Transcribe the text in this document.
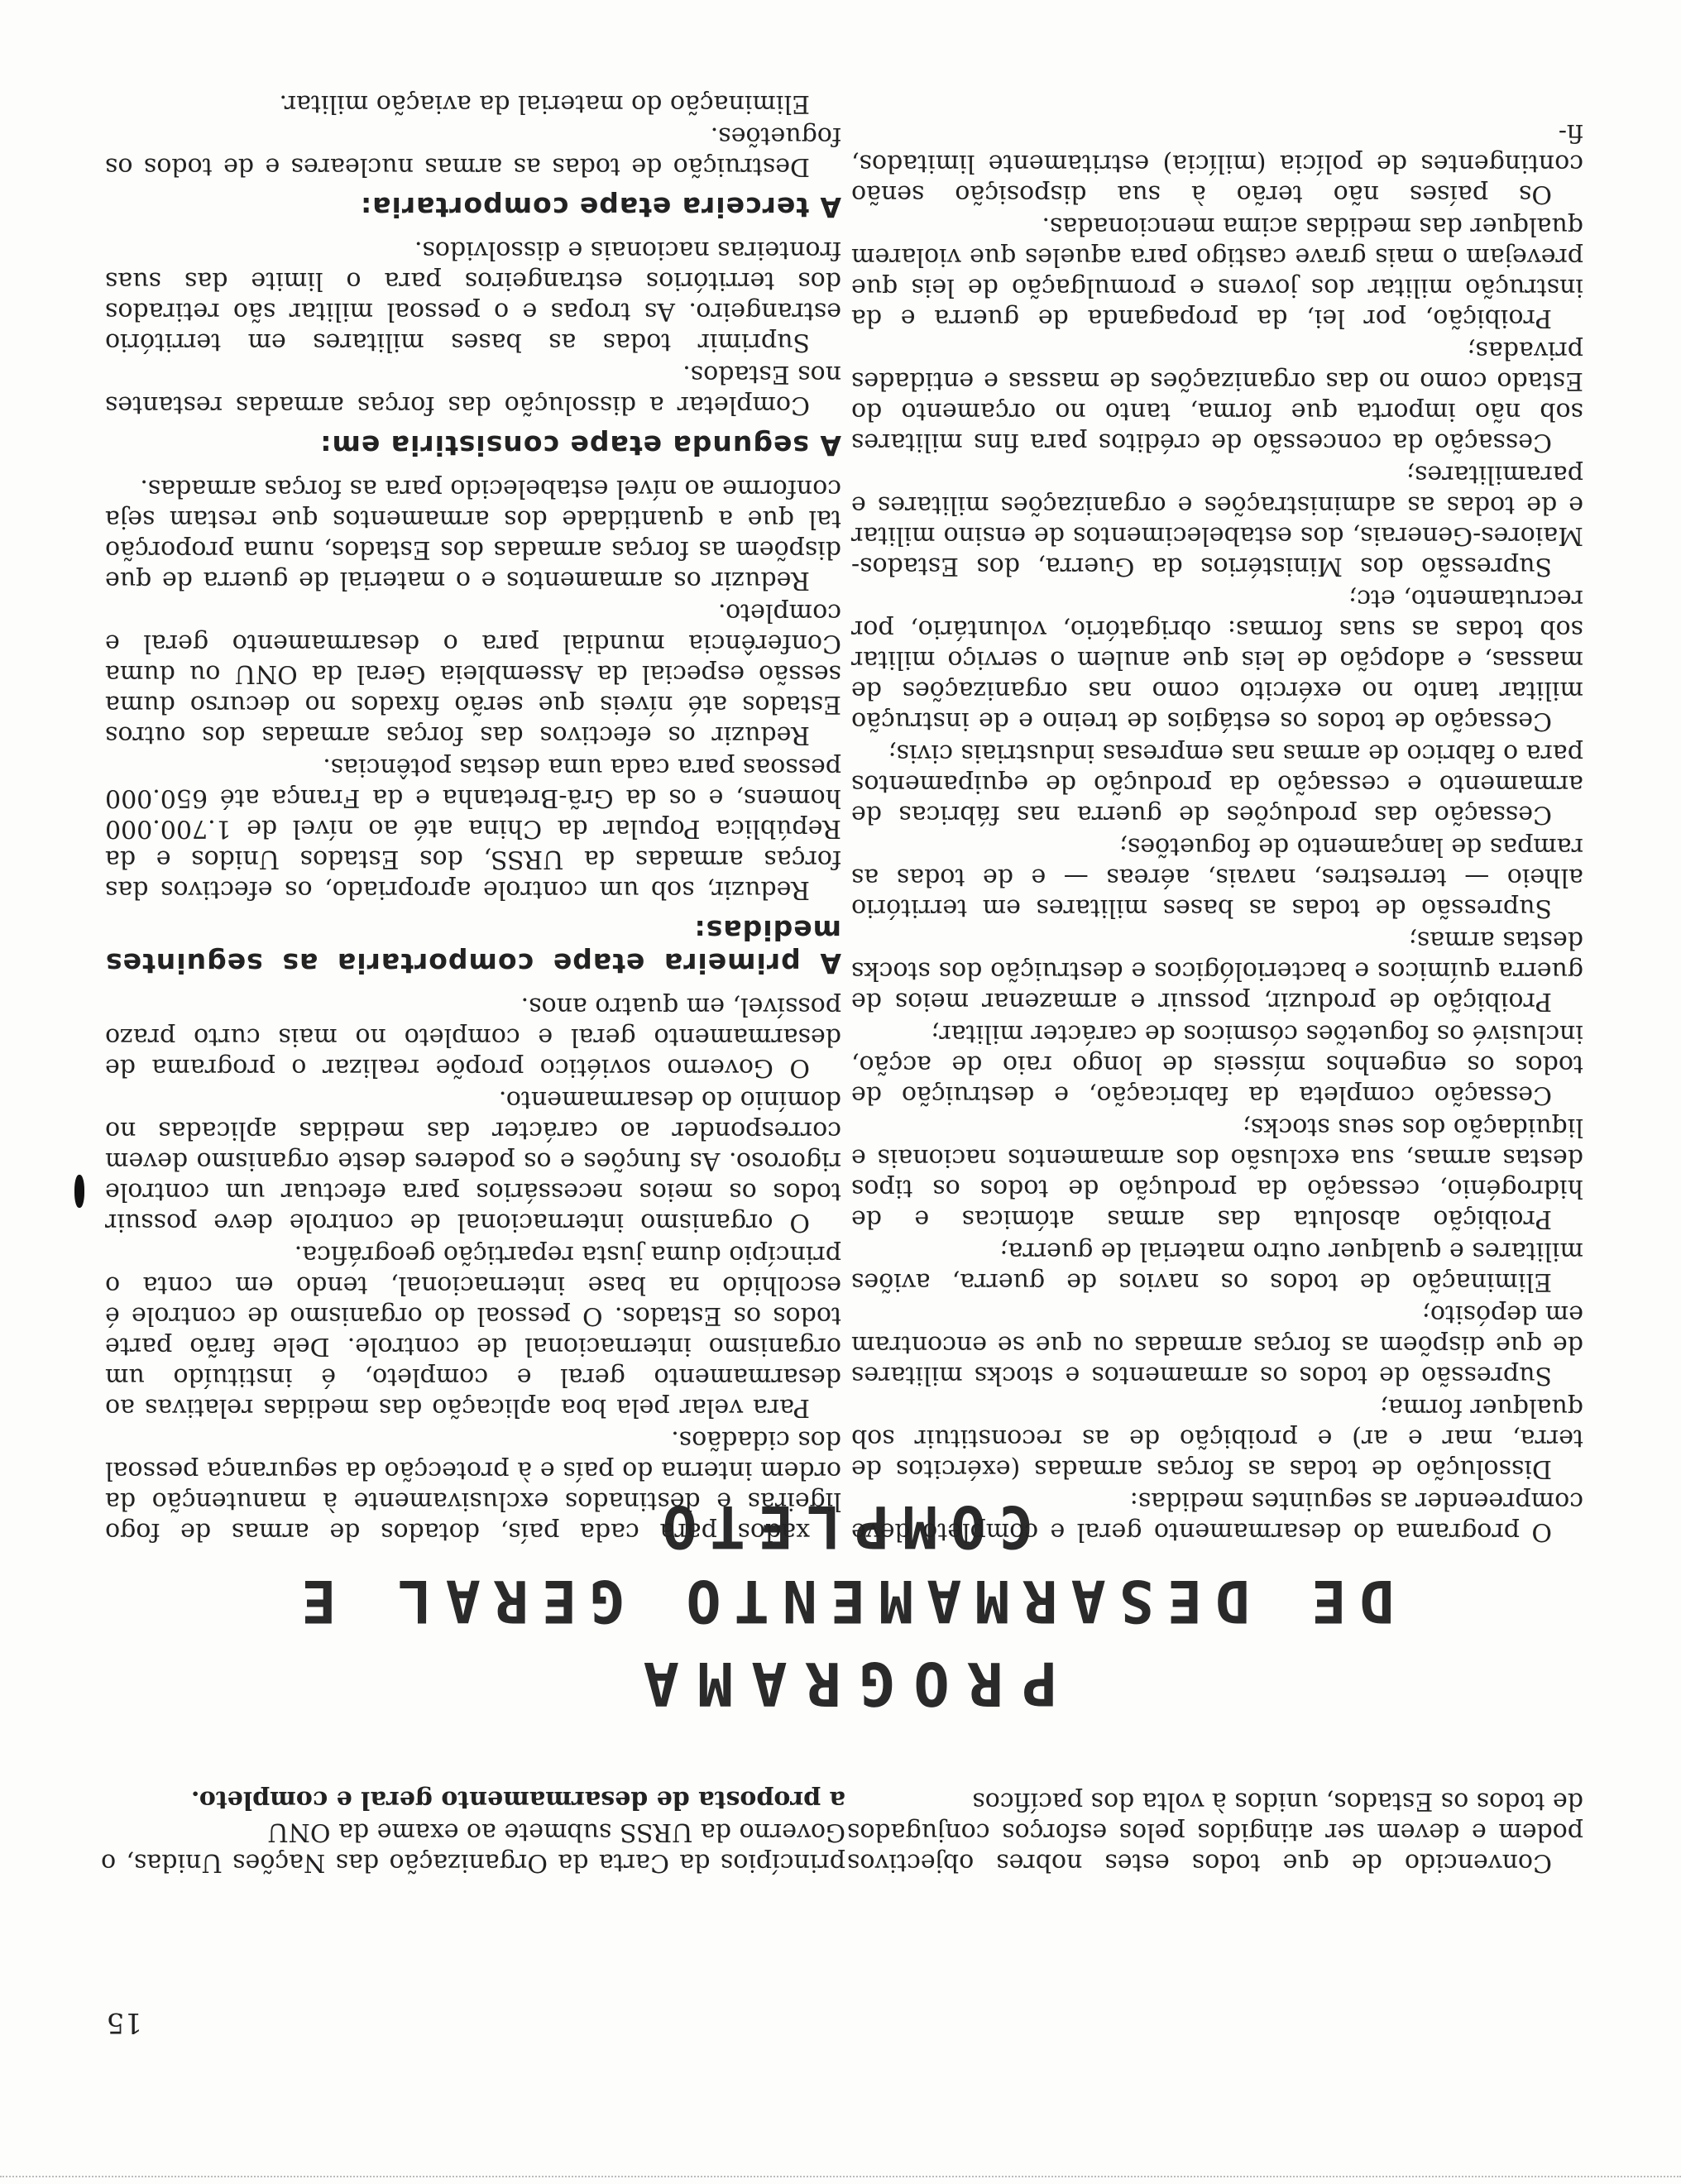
15

Convencido de que todos estes nobres objectivos podem e devem ser atingidos pelos esforços conjugados de todos os Estados, unidos à volta dos pacíficos

princípios da Carta da Organização das Nações Unidas, o Governo da URSS submete ao exame da ONU

a proposta de desarmamento geral e completo.

PROGRAMA
DE DESARMAMENTO GERAL E COMPLETO

O programa do desarmamento geral e completo deve compreender as seguintes medidas:

Dissolução de todas as forças armadas (exércitos de terra, mar e ar) e proibição de as reconstituir sob qualquer forma;

Supressão de todos os armamentos e stocks militares de que dispõem as forças armadas ou que se encontram em depósito;

Eliminação de todos os navios de guerra, aviões militares e qualquer outro material de guerra;

Proibição absoluta das armas atómicas e de hidrogénio, cessação da produção de todos os tipos destas armas, sua exclusão dos armamentos nacionais e liquidação dos seus stocks;

Cessação completa da fabricação, e destruição de todos os engenhos mísseis de longo raio de acção, inclusivé os foguetões cósmicos de carácter militar;

Proibição de produzir, possuir e armazenar meios de guerra químicos e bacteriológicos e destruição dos stocks destas armas;

Supressão de todas as bases militares em território alheio — terrestres, navais, aéreas — e de todas as rampas de lançamento de foguetões;

Cessação das produções de guerra nas fábricas de armamento e cessação da produção de equipamentos para o fabrico de armas nas empresas industriais civis;

Cessação de todos os estágios de treino e de instrução militar tanto no exército como nas organizações de massas, e adopção de leis que anulem o serviço militar sob todas as suas formas: obrigatório, voluntário, por recrutamento, etc;

Supressão dos Ministérios da Guerra, dos Estados-Maiores-Generais, dos estabelecimentos de ensino militar e de todas as administrações e organizações militares e paramilitares;

Cessação da concessão de créditos para fins militares sob não importa que forma, tanto no orçamento do Estado como no das organizações de massas e entidades privadas;

Proibição, por lei, da propaganda de guerra e da instrução militar dos jovens e promulgação de leis que prevejam o mais grave castigo para aqueles que violarem qualquer das medidas acima mencionadas.

Os países não terão à sua disposição senão contingentes de polícia (milícia) estritamente limitados, fi-

xados para cada país, dotados de armas de fogo ligeiras e destinados exclusivamente à manutenção da ordem interna do país e à protecção da segurança pessoal dos cidadãos.

Para velar pela boa aplicação das medidas relativas ao desarmamento geral e completo, é instituído um organismo internacional de controle. Dele farão parte todos os Estados. O pessoal do organismo de controle é escolhido na base internacional, tendo em conta o princípio duma justa repartição geográfica.

O organismo internacional de controle deve possuir todos os meios necessários para efectuar um controle rigoroso. As funções e os poderes deste organismo devem corresponder ao carácter das medidas aplicadas no domínio do desarmamento.

O Governo soviético propõe realizar o programa de desarmamento geral e completo no mais curto prazo possível, em quatro anos.

A primeira etape comportaria as seguintes medidas:

Reduzir, sob um controle apropriado, os efectivos das forças armadas da URSS, dos Estados Unidos e da República Popular da China até ao nível de 1.700.000 homens, e os da Grã-Bretanha e da França até 650.000 pessoas para cada uma destas potências.

Reduzir os efectivos das forças armadas dos outros Estados até níveis que serão fixados no decurso duma sessão especial da Assembleia Geral da ONU ou duma Conferência mundial para o desarmamento geral e completo.

Reduzir os armamentos e o material de guerra de que dispõem as forças armadas dos Estados, numa proporção tal que a quantidade dos armamentos que restam seja conforme ao nível estabelecido para as forças armadas.

A segunda etape consistiria em:

Completar a dissolução das forças armadas restantes nos Estados.

Suprimir todas as bases militares em território estrangeiro. As tropas e o pessoal militar são retirados dos territórios estrangeiros para o limite das suas fronteiras nacionais e dissolvidos.

A terceira etape comportaria:

Destruição de todas as armas nucleares e de todos os foguetões.

Eliminação do material da aviação militar.
